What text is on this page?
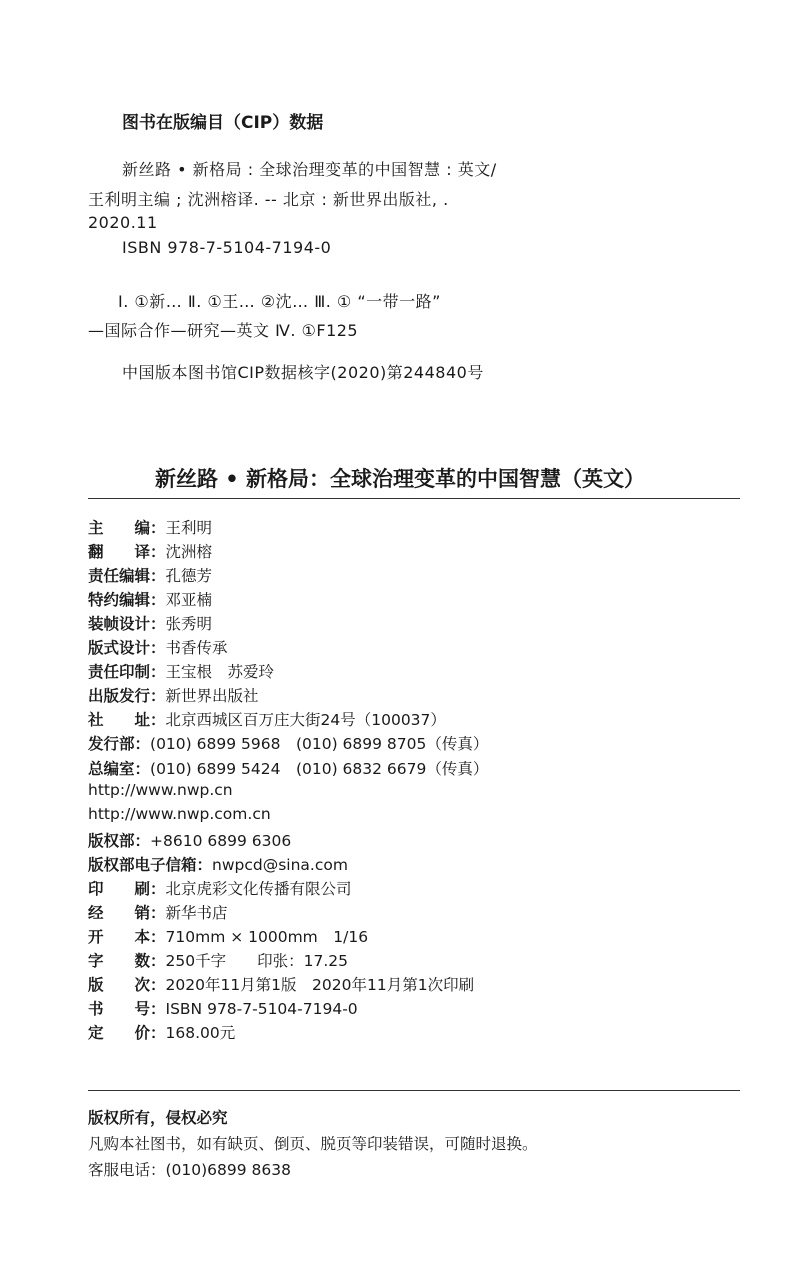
图书在版编目（CIP）数据
新丝路 • 新格局 : 全球治理变革的中国智慧 : 英文/
王利明主编 ; 沈洲榕译. -- 北京 : 新世界出版社, .
2020.11
ISBN 978-7-5104-7194-0
Ⅰ. ①新… Ⅱ. ①王… ②沈… Ⅲ. ① “一带一路”
—国际合作—研究—英文 Ⅳ. ①F125
中国版本图书馆CIP数据核字(2020)第244840号
新丝路 • 新格局：全球治理变革的中国智慧（英文）
主　　编：王利明
翻　　译：沈洲榕
责任编辑：孔德芳
特约编辑：邓亚楠
装帧设计：张秀明
版式设计：书香传承
责任印制：王宝根　苏爱玲
出版发行：新世界出版社
社　　址：北京西城区百万庄大街24号（100037）
发行部：(010) 6899 5968　(010) 6899 8705（传真）
总编室：(010) 6899 5424　(010) 6832 6679（传真）
http://www.nwp.cn
http://www.nwp.com.cn
版权部：+8610 6899 6306
版权部电子信箱：nwpcd@sina.com
印　　刷：北京虎彩文化传播有限公司
经　　销：新华书店
开　　本：710mm × 1000mm　1/16
字　　数：250千字　　印张：17.25
版　　次：2020年11月第1版　2020年11月第1次印刷
书　　号：ISBN 978-7-5104-7194-0
定　　价：168.00元
版权所有，侵权必究
凡购本社图书，如有缺页、倒页、脱页等印装错误，可随时退换。
客服电话：(010)6899 8638
